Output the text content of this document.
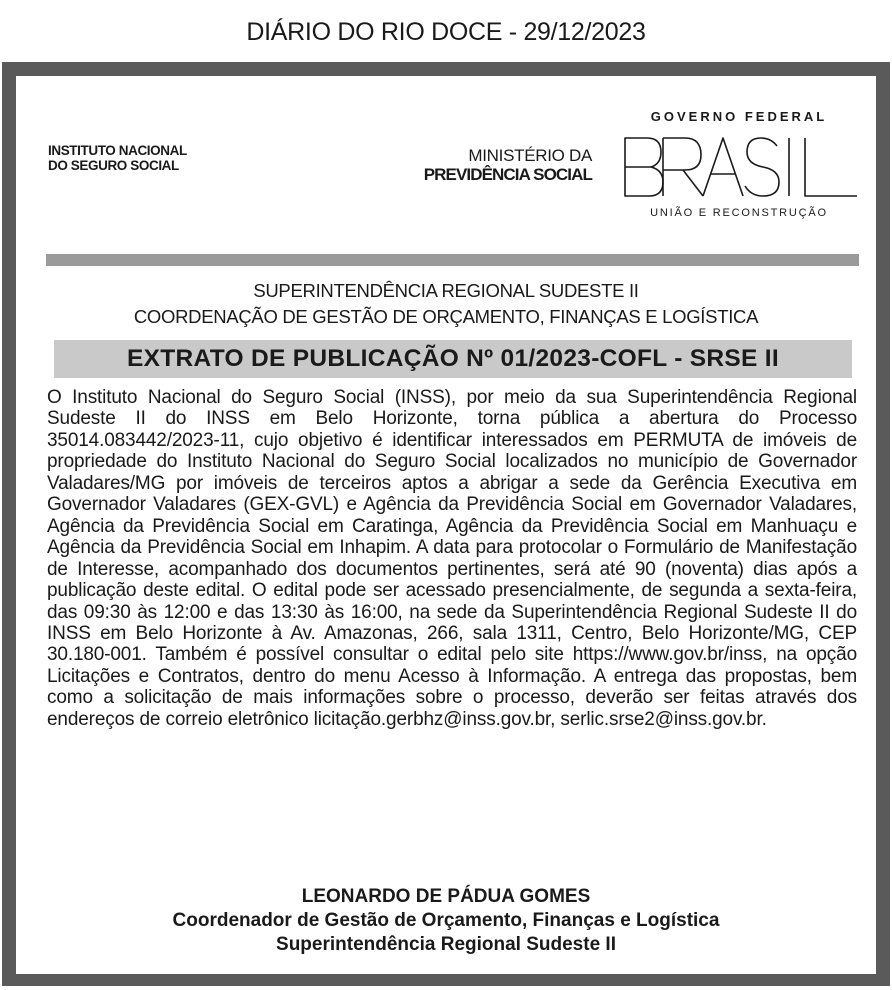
DIÁRIO DO RIO DOCE - 29/12/2023
INSTITUTO NACIONAL
DO SEGURO SOCIAL
MINISTÉRIO DA
PREVIDÊNCIA SOCIAL
GOVERNO FEDERAL
UNIÃO E RECONSTRUÇÃO
SUPERINTENDÊNCIA REGIONAL SUDESTE II
COORDENAÇÃO DE GESTÃO DE ORÇAMENTO, FINANÇAS E LOGÍSTICA
EXTRATO DE PUBLICAÇÃO Nº 01/2023-COFL - SRSE II
O Instituto Nacional do Seguro Social (INSS), por meio da sua Superintendência Regional Sudeste II do INSS em Belo Horizonte, torna pública a abertura do Processo 35014.083442/2023-11, cujo objetivo é identificar interessados em PERMUTA de imóveis de propriedade do Instituto Nacional do Seguro Social localizados no município de Governador Valadares/MG por imóveis de terceiros aptos a abrigar a sede da Gerência Executiva em Governador Valadares (GEX-GVL) e Agência da Previdência Social em Governador Valadares, Agência da Previdência Social em Caratinga, Agência da Previdência Social em Manhuaçu e Agência da Previdência Social em Inhapim. A data para protocolar o Formulário de Manifestação de Interesse, acompanhado dos documentos pertinentes, será até 90 (noventa) dias após a publicação deste edital. O edital pode ser acessado presencialmente, de segunda a sexta-feira, das 09:30 às 12:00 e das 13:30 às 16:00, na sede da Superintendência Regional Sudeste II do INSS em Belo Horizonte à Av. Amazonas, 266, sala 1311, Centro, Belo Horizonte/MG, CEP 30.180-001. Também é possível consultar o edital pelo site https://www.gov.br/inss, na opção Licitações e Contratos, dentro do menu Acesso à Informação. A entrega das propostas, bem como a solicitação de mais informações sobre o processo, deverão ser feitas através dos endereços de correio eletrônico licitação.gerbhz@inss.gov.br, serlic.srse2@inss.gov.br.
LEONARDO DE PÁDUA GOMES
Coordenador de Gestão de Orçamento, Finanças e Logística
Superintendência Regional Sudeste II
